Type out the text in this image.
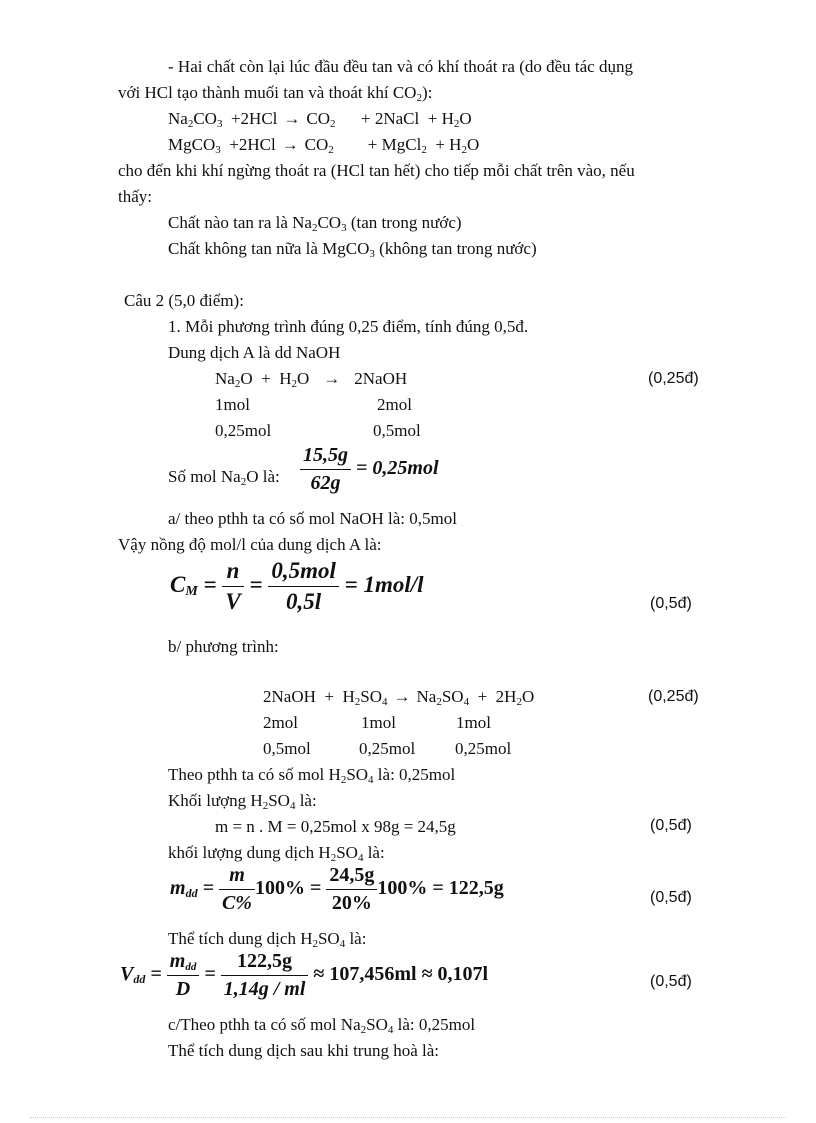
- Hai chất còn lại lúc đầu đều tan và có khí thoát ra (do đều tác dụng
với HCl tạo thành muối tan và thoát khí $CO_2$):
$Na_2CO_3 +2HCl \to CO_2$ + 2NaCl + $H_2O$
MgCO$_3$ $+2HCl \to CO_2$ + MgCl$_2$ + $H_2O$
cho đến khi khí ngừng thoát ra (HCl tan hết) cho tiếp mỗi chất trên vào, nếu
thấy:
Chất nào tan ra là $Na_2CO_3$ (tan trong nước)
Chất không tan nữa là MgCO$_3$ (không tan trong nước)
Câu 2 (5,0 điểm):
1. Mỗi phương trình đúng 0,25 điểm, tính đúng 0,5đ.
Dung dịch A là dd NaOH
$Na_2O + H_2O$ → 2NaOH	(0,25đ)
1mol	2mol
0,25mol	0,5mol
Số mol $Na_2O$ là: $\frac{15,5g}{62g} = 0,25mol$
a/ theo pthh ta có số mol NaOH là: 0,5mol
Vậy nồng độ mol/l của dung dịch A là:
$C_M = \frac{n}{V} = \frac{\text{0,5mol}}{0,5l} = 1mol/l$
(0,5đ)
b/ phương trình:
2NaOH + $H_2SO_4 \to Na_2SO_4 + 2H_2O$	(0,25đ)
2mol	1mol	1mol
0,5mol	0,25mol 0,25mol
Theo pthh ta có số mol $H_2SO_4$ là: 0,25mol
Khối lượng $H_2SO_4$ là:
m = n . M = 0,25mol x 98g = 24,5g	(0,5đ)
khối lượng dung dịch $H_2SO_4$ là:
$m_{dd} = \frac{m}{C\%} 100\% = \frac{24,5g}{20\%} 100\% = 122,5g$	(0,5đ)
Thể tích dung dịch $H_2SO_4$ là:
$V_{dd} = \frac{m_{dd}}{D} = \frac{122,5g}{1,14g / ml} \approx 107,456ml \approx 0,107l$	(0,5đ)
c/Theo pthh ta có số mol $Na_2SO_4$ là: 0,25mol
Thể tích dung dịch sau khi trung hoà là:
